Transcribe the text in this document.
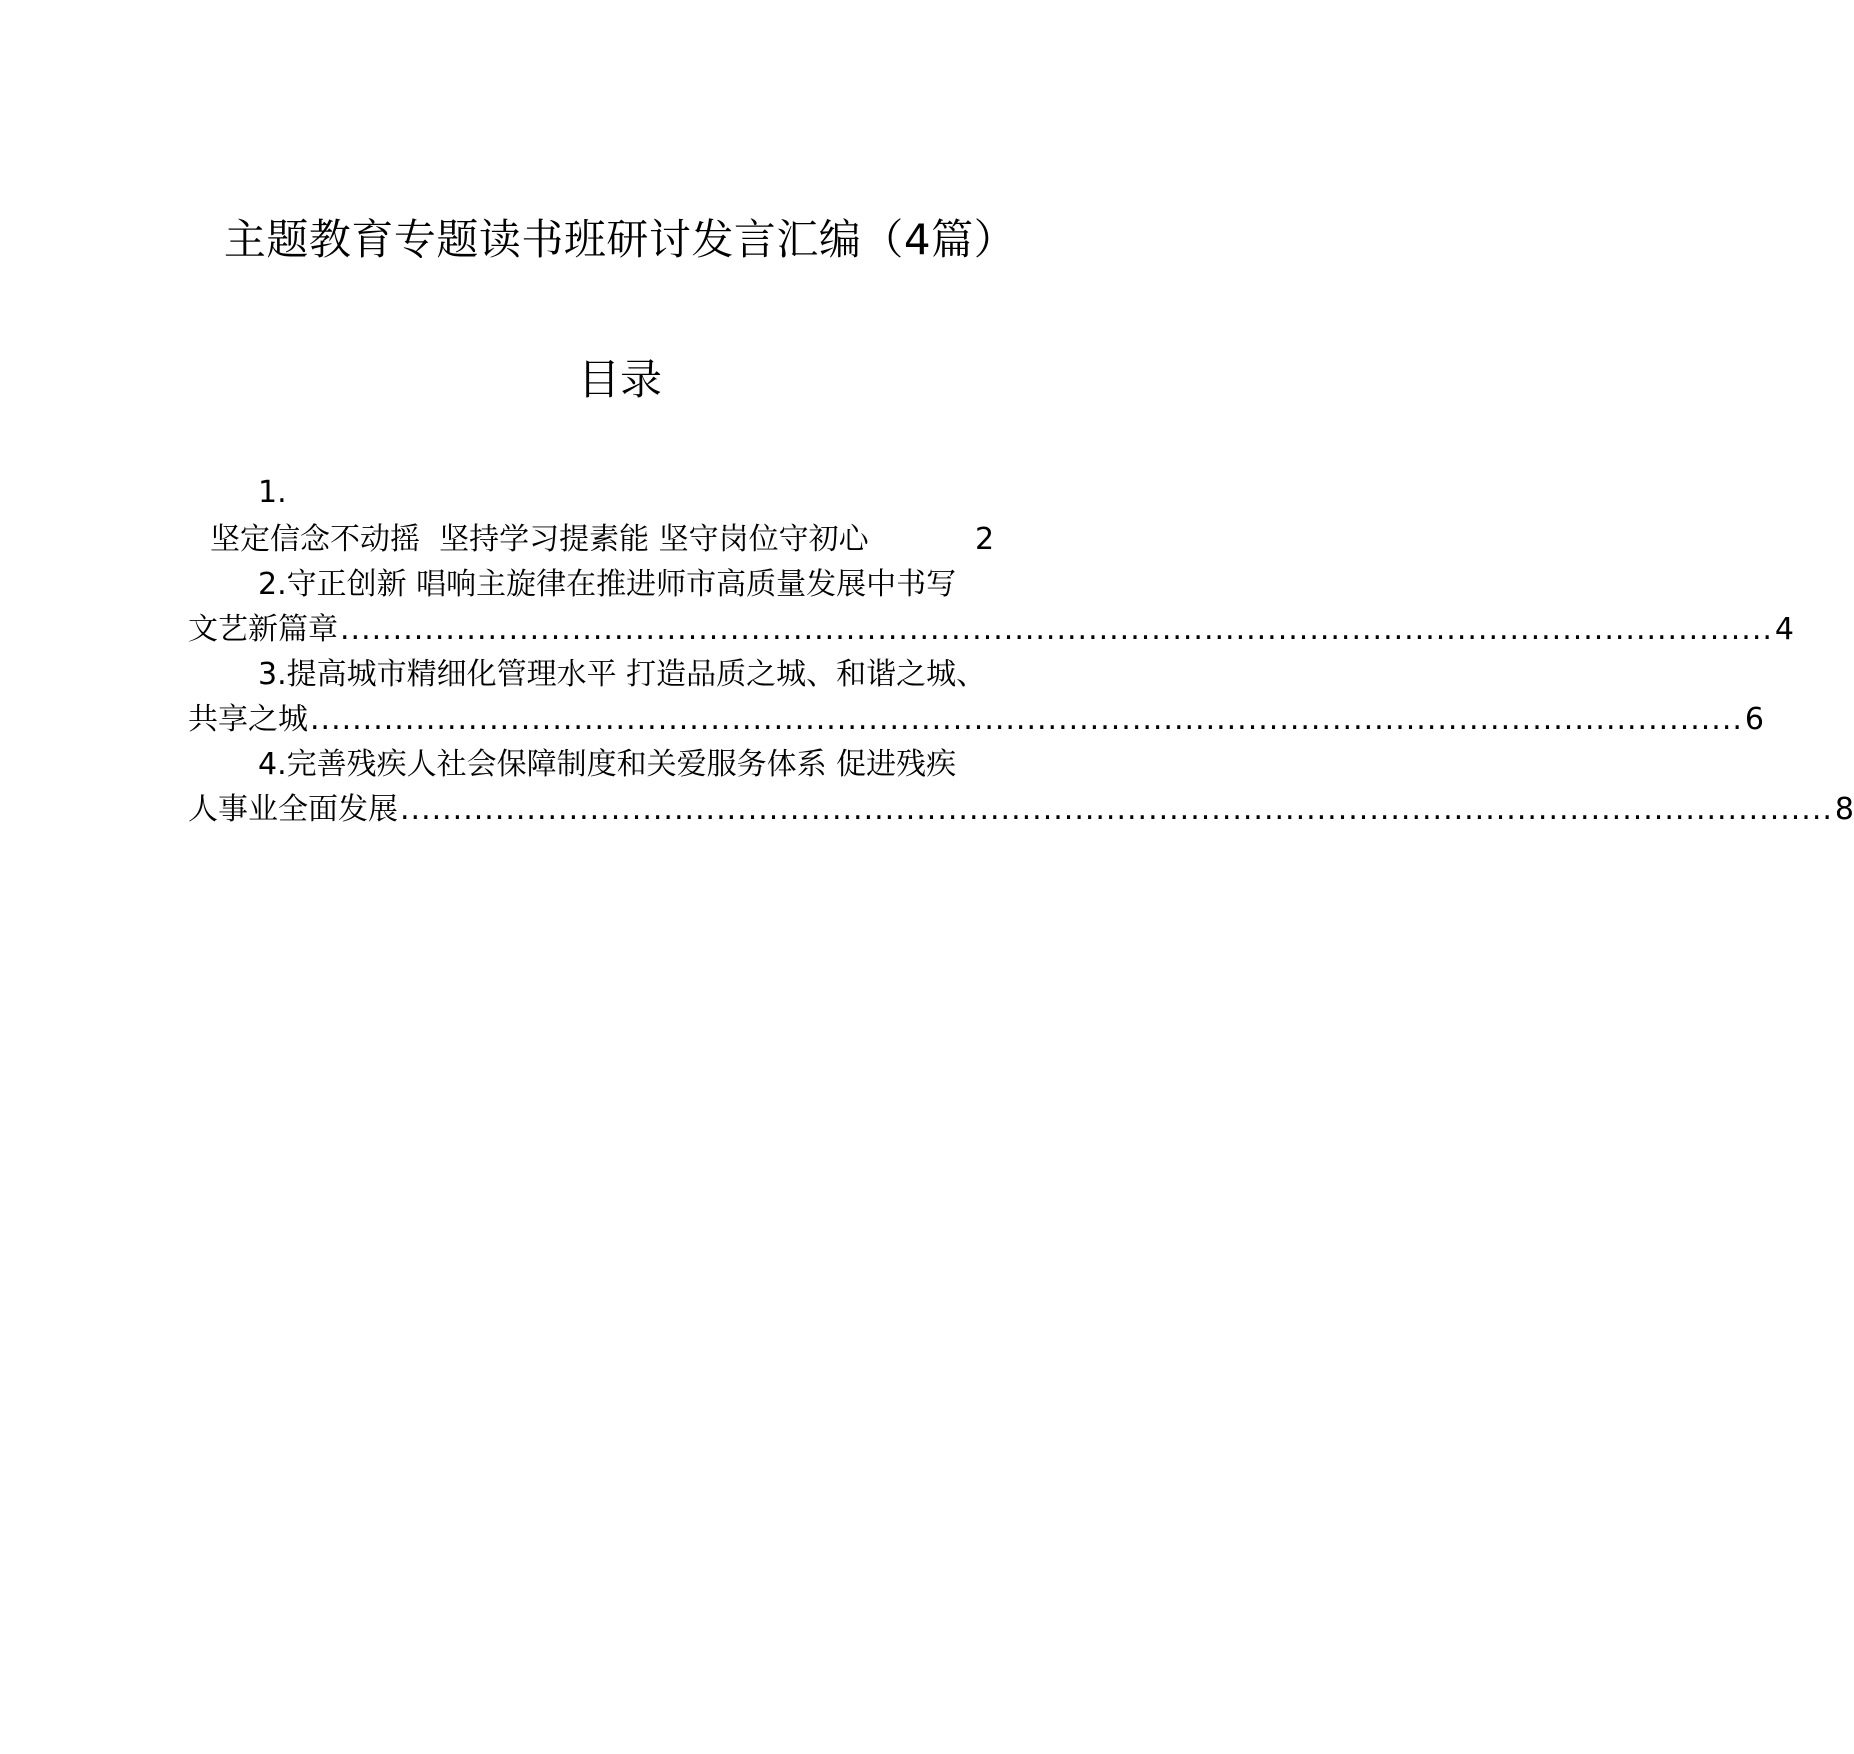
主题教育专题读书班研讨发言汇编（4篇）
目录
1.
坚定信念不动摇  坚持学习提素能 坚守岗位守初心	2
2.守正创新 唱响主旋律在推进师市高质量发展中书写
文艺新篇章 ........................................................................................................................................ 4
3.提高城市精细化管理水平 打造品质之城、和谐之城、
共享之城 ........................................................................................................................................ 6
4.完善残疾人社会保障制度和关爱服务体系 促进残疾
人事业全面发展 ........................................................................................................................................ 8
